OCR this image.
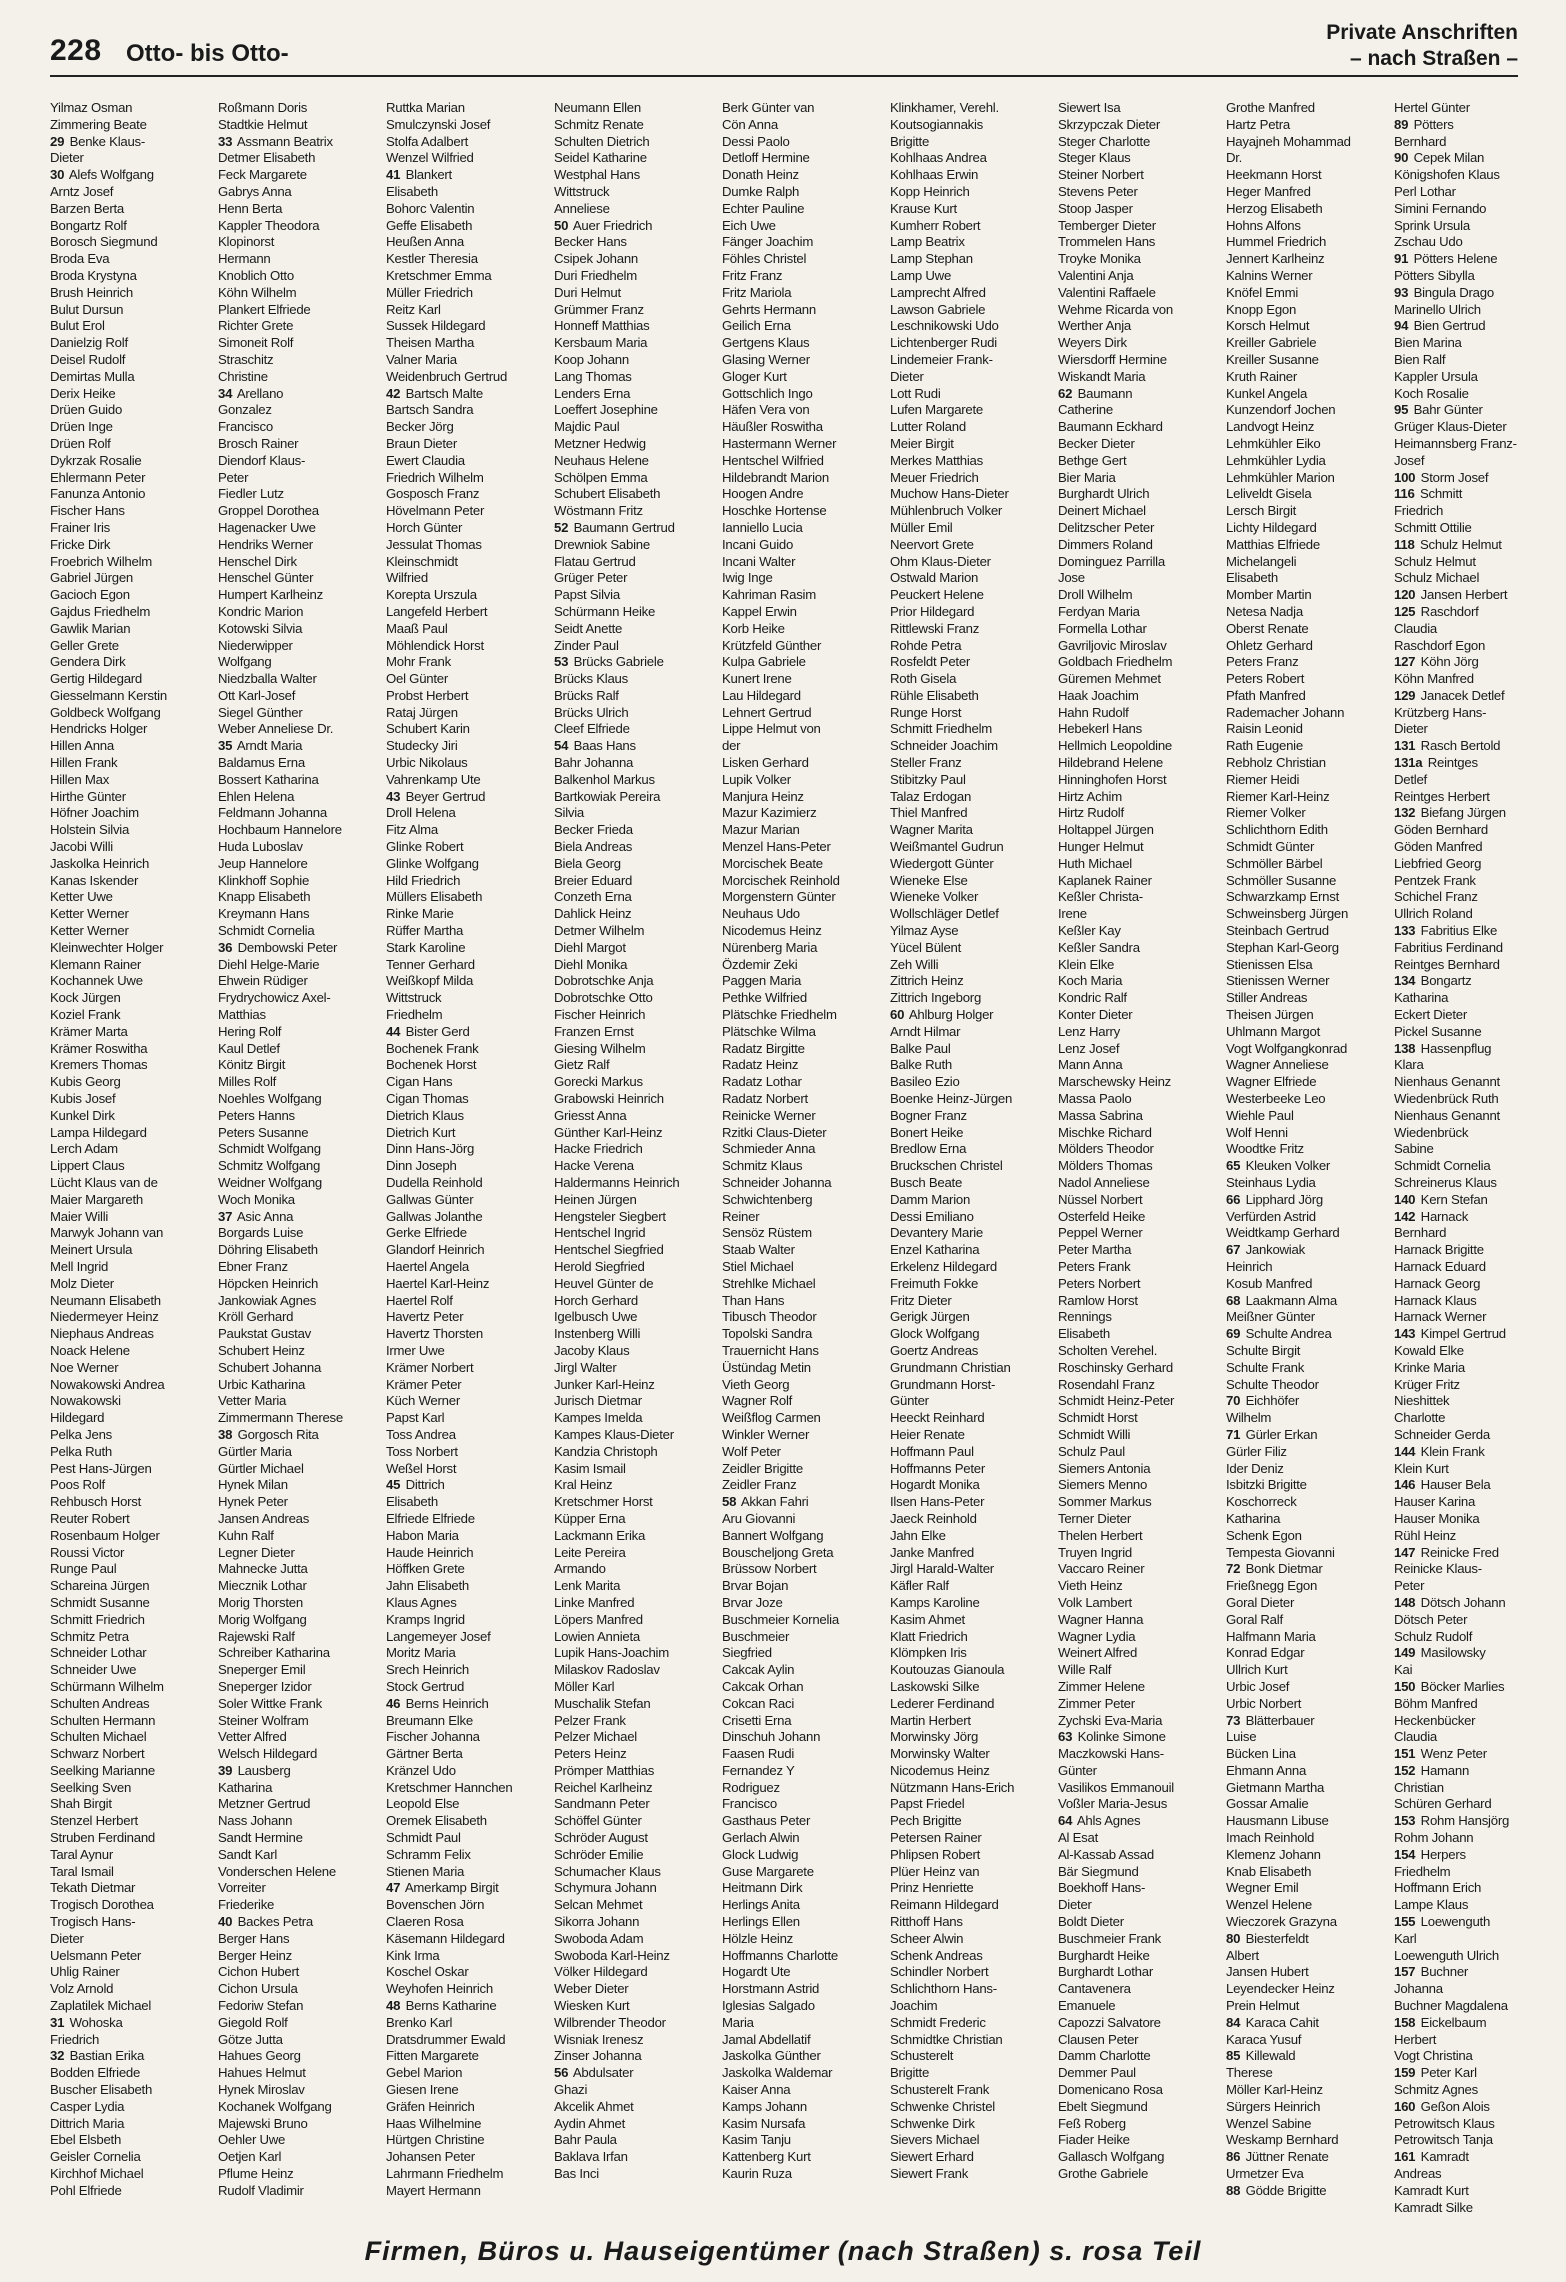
228 Otto- bis Otto-
Private Anschriften
– nach Straßen –
Yilmaz Osman
Zimmering Beate
29 Benke Klaus-
Dieter
30 Alefs Wolfgang
Arntz Josef
Barzen Berta
Bongartz Rolf
Borosch Siegmund
Broda Eva
Broda Krystyna
Brush Heinrich
Bulut Dursun
Bulut Erol
Danielzig Rolf
Deisel Rudolf
Demirtas Mulla
Derix Heike
Drüen Guido
Drüen Inge
Drüen Rolf
Dykrzak Rosalie
Ehlermann Peter
Fanunza Antonio
Fischer Hans
Frainer Iris
Fricke Dirk
Froebrich Wilhelm
Gabriel Jürgen
Gacioch Egon
Gajdus Friedhelm
Gawlik Marian
Geller Grete
Gendera Dirk
Gertig Hildegard
Giesselmann Kerstin
Goldbeck Wolfgang
Hendricks Holger
Hillen Anna
Hillen Frank
Hillen Max
Hirthe Günter
Höfner Joachim
Holstein Silvia
Jacobi Willi
Jaskolka Heinrich
Kanas Iskender
Ketter Uwe
Ketter Werner
Ketter Werner
Kleinwechter Holger
Klemann Rainer
Kochannek Uwe
Kock Jürgen
Koziel Frank
Krämer Marta
Krämer Roswitha
Kremers Thomas
Kubis Georg
Kubis Josef
Kunkel Dirk
Lampa Hildegard
Lerch Adam
Lippert Claus
Lücht Klaus van de
Maier Margareth
Maier Willi
Marwyk Johann van
Meinert Ursula
Mell Ingrid
Molz Dieter
Neumann Elisabeth
Niedermeyer Heinz
Niephaus Andreas
Noack Helene
Noe Werner
Nowakowski Andrea
Nowakowski
Hildegard
Pelka Jens
Pelka Ruth
Pest Hans-Jürgen
Poos Rolf
Rehbusch Horst
Reuter Robert
Rosenbaum Holger
Roussi Victor
Runge Paul
Schareina Jürgen
Schmidt Susanne
Schmitt Friedrich
Schmitz Petra
Schneider Lothar
Schneider Uwe
Schürmann Wilhelm
Schulten Andreas
Schulten Hermann
Schulten Michael
Schwarz Norbert
Seelking Marianne
Seelking Sven
Shah Birgit
Stenzel Herbert
Struben Ferdinand
Taral Aynur
Taral Ismail
Tekath Dietmar
Trogisch Dorothea
Trogisch Hans-
Dieter
Uelsmann Peter
Uhlig Rainer
Volz Arnold
Zaplatilek Michael
31 Wohoska
Friedrich
32 Bastian Erika
Bodden Elfriede
Buscher Elisabeth
Casper Lydia
Dittrich Maria
Ebel Elsbeth
Geisler Cornelia
Kirchhof Michael
Pohl Elfriede
Roßmann Doris
Stadtkie Helmut
33 Assmann Beatrix
Detmer Elisabeth
Feck Margarete
Gabrys Anna
Henn Berta
Kappler Theodora
Klopinorst
Hermann
Knoblich Otto
Köhn Wilhelm
Plankert Elfriede
Richter Grete
Simoneit Rolf
Straschitz
Christine
34 Arellano
Gonzalez
Francisco
Brosch Rainer
Diendorf Klaus-
Peter
Fiedler Lutz
Groppel Dorothea
Hagenacker Uwe
Hendriks Werner
Henschel Dirk
Henschel Günter
Humpert Karlheinz
Kondric Marion
Kotowski Silvia
Niederwipper
Wolfgang
Niedzballa Walter
Ott Karl-Josef
Siegel Günther
Weber Anneliese Dr.
35 Arndt Maria
Baldamus Erna
Bossert Katharina
Ehlen Helena
Feldmann Johanna
Hochbaum Hannelore
Huda Luboslav
Jeup Hannelore
Klinkhoff Sophie
Knapp Elisabeth
Kreymann Hans
Schmidt Cornelia
36 Dembowski Peter
Diehl Helge-Marie
Ehwein Rüdiger
Frydrychowicz Axel-
Matthias
Hering Rolf
Kaul Detlef
Könitz Birgit
Milles Rolf
Noehles Wolfgang
Peters Hanns
Peters Susanne
Schmidt Wolfgang
Schmitz Wolfgang
Weidner Wolfgang
Woch Monika
37 Asic Anna
Borgards Luise
Döhring Elisabeth
Ebner Franz
Höpcken Heinrich
Jankowiak Agnes
Kröll Gerhard
Paukstat Gustav
Schubert Heinz
Schubert Johanna
Urbic Katharina
Vetter Maria
Zimmermann Therese
38 Gorgosch Rita
Gürtler Maria
Gürtler Michael
Hynek Milan
Hynek Peter
Jansen Andreas
Kuhn Ralf
Legner Dieter
Mahnecke Jutta
Miecznik Lothar
Morig Thorsten
Morig Wolfgang
Rajewski Ralf
Schreiber Katharina
Sneperger Emil
Sneperger Izidor
Soler Wittke Frank
Steiner Wolfram
Vetter Alfred
Welsch Hildegard
39 Lausberg
Katharina
Metzner Gertrud
Nass Johann
Sandt Hermine
Sandt Karl
Vonderschen Helene
Vorreiter
Friederike
40 Backes Petra
Berger Hans
Berger Heinz
Cichon Hubert
Cichon Ursula
Fedoriw Stefan
Giegold Rolf
Götze Jutta
Hahues Georg
Hahues Helmut
Hynek Miroslav
Kochanek Wolfgang
Majewski Bruno
Oehler Uwe
Oetjen Karl
Pflume Heinz
Rudolf Vladimir
Ruttka Marian
Smulczynski Josef
Stolfa Adalbert
Wenzel Wilfried
41 Blankert
Elisabeth
Bohorc Valentin
Geffe Elisabeth
Heußen Anna
Kestler Theresia
Kretschmer Emma
Müller Friedrich
Reitz Karl
Sussek Hildegard
Theisen Martha
Valner Maria
Weidenbruch Gertrud
42 Bartsch Malte
Bartsch Sandra
Becker Jörg
Braun Dieter
Ewert Claudia
Friedrich Wilhelm
Gosposch Franz
Hövelmann Peter
Horch Günter
Jessulat Thomas
Kleinschmidt
Wilfried
Korepta Urszula
Langefeld Herbert
Maaß Paul
Möhlendick Horst
Mohr Frank
Oel Günter
Probst Herbert
Rataj Jürgen
Schubert Karin
Studecky Jiri
Urbic Nikolaus
Vahrenkamp Ute
43 Beyer Gertrud
Droll Helena
Fitz Alma
Glinke Robert
Glinke Wolfgang
Hild Friedrich
Müllers Elisabeth
Rinke Marie
Rüffer Martha
Stark Karoline
Tenner Gerhard
Weißkopf Milda
Wittstruck
Friedhelm
44 Bister Gerd
Bochenek Frank
Bochenek Horst
Cigan Hans
Cigan Thomas
Dietrich Klaus
Dietrich Kurt
Dinn Hans-Jörg
Dinn Joseph
Dudella Reinhold
Gallwas Günter
Gallwas Jolanthe
Gerke Elfriede
Glandorf Heinrich
Haertel Angela
Haertel Karl-Heinz
Haertel Rolf
Havertz Peter
Havertz Thorsten
Irmer Uwe
Krämer Norbert
Krämer Peter
Küch Werner
Papst Karl
Toss Andrea
Toss Norbert
Weßel Horst
45 Dittrich
Elisabeth
Elfriede Elfriede
Habon Maria
Haude Heinrich
Höffken Grete
Jahn Elisabeth
Klaus Agnes
Kramps Ingrid
Langemeyer Josef
Moritz Maria
Srech Heinrich
Stock Gertrud
46 Berns Heinrich
Breumann Elke
Fischer Johanna
Gärtner Berta
Kränzel Udo
Kretschmer Hannchen
Leopold Else
Oremek Elisabeth
Schmidt Paul
Schramm Felix
Stienen Maria
47 Amerkamp Birgit
Bovenschen Jörn
Claeren Rosa
Käsemann Hildegard
Kink Irma
Koschel Oskar
Weyhofen Heinrich
48 Berns Katharine
Brenko Karl
Dratsdrummer Ewald
Fitten Margarete
Gebel Marion
Giesen Irene
Gräfen Heinrich
Haas Wilhelmine
Hürtgen Christine
Johansen Peter
Lahrmann Friedhelm
Mayert Hermann
Neumann Ellen
Schmitz Renate
Schulten Dietrich
Seidel Katharine
Westphal Hans
Wittstruck
Anneliese
50 Auer Friedrich
Becker Hans
Csipek Johann
Duri Friedhelm
Duri Helmut
Grümmer Franz
Honneff Matthias
Kersbaum Maria
Koop Johann
Lang Thomas
Lenders Erna
Loeffert Josephine
Majdic Paul
Metzner Hedwig
Neuhaus Helene
Schölpen Emma
Schubert Elisabeth
Wöstmann Fritz
52 Baumann Gertrud
Drewniok Sabine
Flatau Gertrud
Grüger Peter
Papst Silvia
Schürmann Heike
Seidt Anette
Zinder Paul
53 Brücks Gabriele
Brücks Klaus
Brücks Ralf
Brücks Ulrich
Cleef Elfriede
54 Baas Hans
Bahr Johanna
Balkenhol Markus
Bartkowiak Pereira
Silvia
Becker Frieda
Biela Andreas
Biela Georg
Breier Eduard
Conzeth Erna
Dahlick Heinz
Detmer Wilhelm
Diehl Margot
Diehl Monika
Dobrotschke Anja
Dobrotschke Otto
Fischer Heinrich
Franzen Ernst
Giesing Wilhelm
Gietz Ralf
Gorecki Markus
Grabowski Heinrich
Griesst Anna
Günther Karl-Heinz
Hacke Friedrich
Hacke Verena
Haldermanns Heinrich
Heinen Jürgen
Hengsteler Siegbert
Hentschel Ingrid
Hentschel Siegfried
Herold Siegfried
Heuvel Günter de
Horch Gerhard
Igelbusch Uwe
Instenberg Willi
Jacoby Klaus
Jirgl Walter
Junker Karl-Heinz
Jurisch Dietmar
Kampes Imelda
Kampes Klaus-Dieter
Kandzia Christoph
Kasim Ismail
Kral Heinz
Kretschmer Horst
Küpper Erna
Lackmann Erika
Leite Pereira
Armando
Lenk Marita
Linke Manfred
Löpers Manfred
Lowien Annieta
Lupik Hans-Joachim
Milaskov Radoslav
Möller Karl
Muschalik Stefan
Pelzer Frank
Pelzer Michael
Peters Heinz
Prömper Matthias
Reichel Karlheinz
Sandmann Peter
Schöffel Günter
Schröder August
Schröder Emilie
Schumacher Klaus
Schymura Johann
Selcan Mehmet
Sikorra Johann
Swoboda Adam
Swoboda Karl-Heinz
Völker Hildegard
Weber Dieter
Wiesken Kurt
Wilbrender Theodor
Wisniak Irenesz
Zinser Johanna
56 Abdulsater
Ghazi
Akcelik Ahmet
Aydin Ahmet
Bahr Paula
Baklava Irfan
Bas Inci
Berk Günter van
Cön Anna
Dessi Paolo
Detloff Hermine
Donath Heinz
Dumke Ralph
Echter Pauline
Eich Uwe
Fänger Joachim
Föhles Christel
Fritz Franz
Fritz Mariola
Gehrts Hermann
Geilich Erna
Gertgens Klaus
Glasing Werner
Gloger Kurt
Gottschlich Ingo
Häfen Vera von
Häußler Roswitha
Hastermann Werner
Hentschel Wilfried
Hildebrandt Marion
Hoogen Andre
Hoschke Hortense
Ianniello Lucia
Incani Guido
Incani Walter
Iwig Inge
Kahriman Rasim
Kappel Erwin
Korb Heike
Krützfeld Günther
Kulpa Gabriele
Kunert Irene
Lau Hildegard
Lehnert Gertrud
Lippe Helmut von
der
Lisken Gerhard
Lupik Volker
Manjura Heinz
Mazur Kazimierz
Mazur Marian
Menzel Hans-Peter
Morcischek Beate
Morcischek Reinhold
Morgenstern Günter
Neuhaus Udo
Nicodemus Heinz
Nürenberg Maria
Özdemir Zeki
Paggen Maria
Pethke Wilfried
Plätschke Friedhelm
Plätschke Wilma
Radatz Birgitte
Radatz Heinz
Radatz Lothar
Radatz Norbert
Reinicke Werner
Rzitki Claus-Dieter
Schmieder Anna
Schmitz Klaus
Schneider Johanna
Schwichtenberg
Reiner
Sensöz Rüstem
Staab Walter
Stiel Michael
Strehlke Michael
Than Hans
Tibusch Theodor
Topolski Sandra
Trauernicht Hans
Üstündag Metin
Vieth Georg
Wagner Rolf
Weißflog Carmen
Winkler Werner
Wolf Peter
Zeidler Brigitte
Zeidler Franz
58 Akkan Fahri
Aru Giovanni
Bannert Wolfgang
Bouscheljong Greta
Brüssow Norbert
Brvar Bojan
Brvar Joze
Buschmeier Kornelia
Buschmeier
Siegfried
Cakcak Aylin
Cakcak Orhan
Cokcan Raci
Crisetti Erna
Dinschuh Johann
Faasen Rudi
Fernandez Y
Rodriguez
Francisco
Gasthaus Peter
Gerlach Alwin
Glock Ludwig
Guse Margarete
Heitmann Dirk
Herlings Anita
Herlings Ellen
Hölzle Heinz
Hoffmanns Charlotte
Hogardt Ute
Horstmann Astrid
Iglesias Salgado
Maria
Jamal Abdellatif
Jaskolka Günther
Jaskolka Waldemar
Kaiser Anna
Kamps Johann
Kasim Nursafa
Kasim Tanju
Kattenberg Kurt
Kaurin Ruza
Klinkhamer, Verehl.
Koutsogiannakis
Brigitte
Kohlhaas Andrea
Kohlhaas Erwin
Kopp Heinrich
Krause Kurt
Kumherr Robert
Lamp Beatrix
Lamp Stephan
Lamp Uwe
Lamprecht Alfred
Lawson Gabriele
Leschnikowski Udo
Lichtenberger Rudi
Lindemeier Frank-
Dieter
Lott Rudi
Lufen Margarete
Lutter Roland
Meier Birgit
Merkes Matthias
Meuer Friedrich
Muchow Hans-Dieter
Mühlenbruch Volker
Müller Emil
Neervort Grete
Ohm Klaus-Dieter
Ostwald Marion
Peuckert Helene
Prior Hildegard
Rittlewski Franz
Rohde Petra
Rosfeldt Peter
Roth Gisela
Rühle Elisabeth
Runge Horst
Schmitt Friedhelm
Schneider Joachim
Steller Franz
Stibitzky Paul
Talaz Erdogan
Thiel Manfred
Wagner Marita
Weißmantel Gudrun
Wiedergott Günter
Wieneke Else
Wieneke Volker
Wollschläger Detlef
Yilmaz Ayse
Yücel Bülent
Zeh Willi
Zittrich Heinz
Zittrich Ingeborg
60 Ahlburg Holger
Arndt Hilmar
Balke Paul
Balke Ruth
Basileo Ezio
Boenke Heinz-Jürgen
Bogner Franz
Bonert Heike
Bredlow Erna
Bruckschen Christel
Busch Beate
Damm Marion
Dessi Emiliano
Devantery Marie
Enzel Katharina
Erkelenz Hildegard
Freimuth Fokke
Fritz Dieter
Gerigk Jürgen
Glock Wolfgang
Goertz Andreas
Grundmann Christian
Grundmann Horst-
Günter
Heeckt Reinhard
Heier Renate
Hoffmann Paul
Hoffmanns Peter
Hogardt Monika
Ilsen Hans-Peter
Jaeck Reinhold
Jahn Elke
Janke Manfred
Jirgl Harald-Walter
Käfler Ralf
Kamps Karoline
Kasim Ahmet
Klatt Friedrich
Klömpken Iris
Koutouzas Gianoula
Laskowski Silke
Lederer Ferdinand
Martin Herbert
Morwinsky Jörg
Morwinsky Walter
Nicodemus Heinz
Nützmann Hans-Erich
Papst Friedel
Pech Brigitte
Petersen Rainer
Phlipsen Robert
Plüer Heinz van
Prinz Henriette
Reimann Hildegard
Ritthoff Hans
Scheer Alwin
Schenk Andreas
Schindler Norbert
Schlichthorn Hans-
Joachim
Schmidt Frederic
Schmidtke Christian
Schusterelt
Brigitte
Schusterelt Frank
Schwenke Christel
Schwenke Dirk
Sievers Michael
Siewert Erhard
Siewert Frank
Siewert Isa
Skrzypczak Dieter
Steger Charlotte
Steger Klaus
Steiner Norbert
Stevens Peter
Stoop Jasper
Temberger Dieter
Trommelen Hans
Troyke Monika
Valentini Anja
Valentini Raffaele
Wehme Ricarda von
Werther Anja
Weyers Dirk
Wiersdorff Hermine
Wiskandt Maria
62 Baumann
Catherine
Baumann Eckhard
Becker Dieter
Bethge Gert
Bier Maria
Burghardt Ulrich
Deinert Michael
Delitzscher Peter
Dimmers Roland
Dominguez Parrilla
Jose
Droll Wilhelm
Ferdyan Maria
Formella Lothar
Gavriljovic Miroslav
Goldbach Friedhelm
Güremen Mehmet
Haak Joachim
Hahn Rudolf
Hebekerl Hans
Hellmich Leopoldine
Hildebrand Helene
Hinninghofen Horst
Hirtz Achim
Hirtz Rudolf
Holtappel Jürgen
Hunger Helmut
Huth Michael
Kaplanek Rainer
Keßler Christa-
Irene
Keßler Kay
Keßler Sandra
Klein Elke
Koch Maria
Kondric Ralf
Konter Dieter
Lenz Harry
Lenz Josef
Mann Anna
Marschewsky Heinz
Massa Paolo
Massa Sabrina
Mischke Richard
Mölders Theodor
Mölders Thomas
Nadol Anneliese
Nüssel Norbert
Osterfeld Heike
Peppel Werner
Peter Martha
Peters Frank
Peters Norbert
Ramlow Horst
Rennings
Elisabeth
Scholten Verehel.
Roschinsky Gerhard
Rosendahl Franz
Schmidt Heinz-Peter
Schmidt Horst
Schmidt Willi
Schulz Paul
Siemers Antonia
Siemers Menno
Sommer Markus
Terner Dieter
Thelen Herbert
Truyen Ingrid
Vaccaro Reiner
Vieth Heinz
Volk Lambert
Wagner Hanna
Wagner Lydia
Weinert Alfred
Wille Ralf
Zimmer Helene
Zimmer Peter
Zychski Eva-Maria
63 Kolinke Simone
Maczkowski Hans-
Günter
Vasilikos Emmanouil
Voßler Maria-Jesus
64 Ahls Agnes
Al Esat
Al-Kassab Assad
Bär Siegmund
Boekhoff Hans-
Dieter
Boldt Dieter
Buschmeier Frank
Burghardt Heike
Burghardt Lothar
Cantavenera
Emanuele
Capozzi Salvatore
Clausen Peter
Damm Charlotte
Demmer Paul
Domenicano Rosa
Ebelt Siegmund
Feß Roberg
Fiader Heike
Gallasch Wolfgang
Grothe Gabriele
Grothe Manfred
Hartz Petra
Hayajneh Mohammad
Dr.
Heekmann Horst
Heger Manfred
Herzog Elisabeth
Hohns Alfons
Hummel Friedrich
Jennert Karlheinz
Kalnins Werner
Knöfel Emmi
Knopp Egon
Korsch Helmut
Kreiller Gabriele
Kreiller Susanne
Kruth Rainer
Kunkel Angela
Kunzendorf Jochen
Landvogt Heinz
Lehmkühler Eiko
Lehmkühler Lydia
Lehmkühler Marion
Leliveldt Gisela
Lersch Birgit
Lichty Hildegard
Matthias Elfriede
Michelangeli
Elisabeth
Momber Martin
Netesa Nadja
Oberst Renate
Ohletz Gerhard
Peters Franz
Peters Robert
Pfath Manfred
Rademacher Johann
Raisin Leonid
Rath Eugenie
Rebholz Christian
Riemer Heidi
Riemer Karl-Heinz
Riemer Volker
Schlichthorn Edith
Schmidt Günter
Schmöller Bärbel
Schmöller Susanne
Schwarzkamp Ernst
Schweinsberg Jürgen
Steinbach Gertrud
Stephan Karl-Georg
Stienissen Elsa
Stienissen Werner
Stiller Andreas
Theisen Jürgen
Uhlmann Margot
Vogt Wolfgangkonrad
Wagner Anneliese
Wagner Elfriede
Westerbeeke Leo
Wiehle Paul
Wolf Henni
Woodtke Fritz
65 Kleuken Volker
Steinhaus Lydia
66 Lipphard Jörg
Verfürden Astrid
Weidtkamp Gerhard
67 Jankowiak
Heinrich
Kosub Manfred
68 Laakmann Alma
Meißner Günter
69 Schulte Andrea
Schulte Birgit
Schulte Frank
Schulte Theodor
70 Eichhöfer
Wilhelm
71 Gürler Erkan
Gürler Filiz
Ider Deniz
Isbitzki Brigitte
Koschorreck
Katharina
Schenk Egon
Tempesta Giovanni
72 Bonk Dietmar
Frießnegg Egon
Goral Dieter
Goral Ralf
Halfmann Maria
Konrad Edgar
Ullrich Kurt
Urbic Josef
Urbic Norbert
73 Blätterbauer
Luise
Bücken Lina
Ehmann Anna
Gietmann Martha
Gossar Amalie
Hausmann Libuse
Imach Reinhold
Klemenz Johann
Knab Elisabeth
Wegner Emil
Wenzel Helene
Wieczorek Grazyna
80 Biesterfeldt
Albert
Jansen Hubert
Leyendecker Heinz
Prein Helmut
84 Karaca Cahit
Karaca Yusuf
85 Killewald
Therese
Möller Karl-Heinz
Sürgers Heinrich
Wenzel Sabine
Weskamp Bernhard
86 Jüttner Renate
Urmetzer Eva
88 Gödde Brigitte
Hertel Günter
89 Pötters
Bernhard
90 Cepek Milan
Königshofen Klaus
Perl Lothar
Simini Fernando
Sprink Ursula
Zschau Udo
91 Pötters Helene
Pötters Sibylla
93 Bingula Drago
Marinello Ulrich
94 Bien Gertrud
Bien Marina
Bien Ralf
Kappler Ursula
Koch Rosalie
95 Bahr Günter
Grüger Klaus-Dieter
Heimannsberg Franz-
Josef
100 Storm Josef
116 Schmitt
Friedrich
Schmitt Ottilie
118 Schulz Helmut
Schulz Helmut
Schulz Michael
120 Jansen Herbert
125 Raschdorf
Claudia
Raschdorf Egon
127 Köhn Jörg
Köhn Manfred
129 Janacek Detlef
Krützberg Hans-
Dieter
131 Rasch Bertold
131a Reintges
Detlef
Reintges Herbert
132 Biefang Jürgen
Göden Bernhard
Göden Manfred
Liebfried Georg
Pentzek Frank
Schichel Franz
Ullrich Roland
133 Fabritius Elke
Fabritius Ferdinand
Reintges Bernhard
134 Bongartz
Katharina
Eckert Dieter
Pickel Susanne
138 Hassenpflug
Klara
Nienhaus Genannt
Wiedenbrück Ruth
Nienhaus Genannt
Wiedenbrück
Sabine
Schmidt Cornelia
Schreinerus Klaus
140 Kern Stefan
142 Harnack
Bernhard
Harnack Brigitte
Harnack Eduard
Harnack Georg
Harnack Klaus
Harnack Werner
143 Kimpel Gertrud
Kowald Elke
Krinke Maria
Krüger Fritz
Nieshittek
Charlotte
Schneider Gerda
144 Klein Frank
Klein Kurt
146 Hauser Bela
Hauser Karina
Hauser Monika
Rühl Heinz
147 Reinicke Fred
Reinicke Klaus-
Peter
148 Dötsch Johann
Dötsch Peter
Schulz Rudolf
149 Masilowsky
Kai
150 Böcker Marlies
Böhm Manfred
Heckenbücker
Claudia
151 Wenz Peter
152 Hamann
Christian
Schüren Gerhard
153 Rohm Hansjörg
Rohm Johann
154 Herpers
Friedhelm
Hoffmann Erich
Lampe Klaus
155 Loewenguth
Karl
Loewenguth Ulrich
157 Buchner
Johanna
Buchner Magdalena
158 Eickelbaum
Herbert
Vogt Christina
159 Peter Karl
Schmitz Agnes
160 Geßon Alois
Petrowitsch Klaus
Petrowitsch Tanja
161 Kamradt
Andreas
Kamradt Kurt
Kamradt Silke
Firmen, Büros u. Hauseigentümer (nach Straßen) s. rosa Teil
